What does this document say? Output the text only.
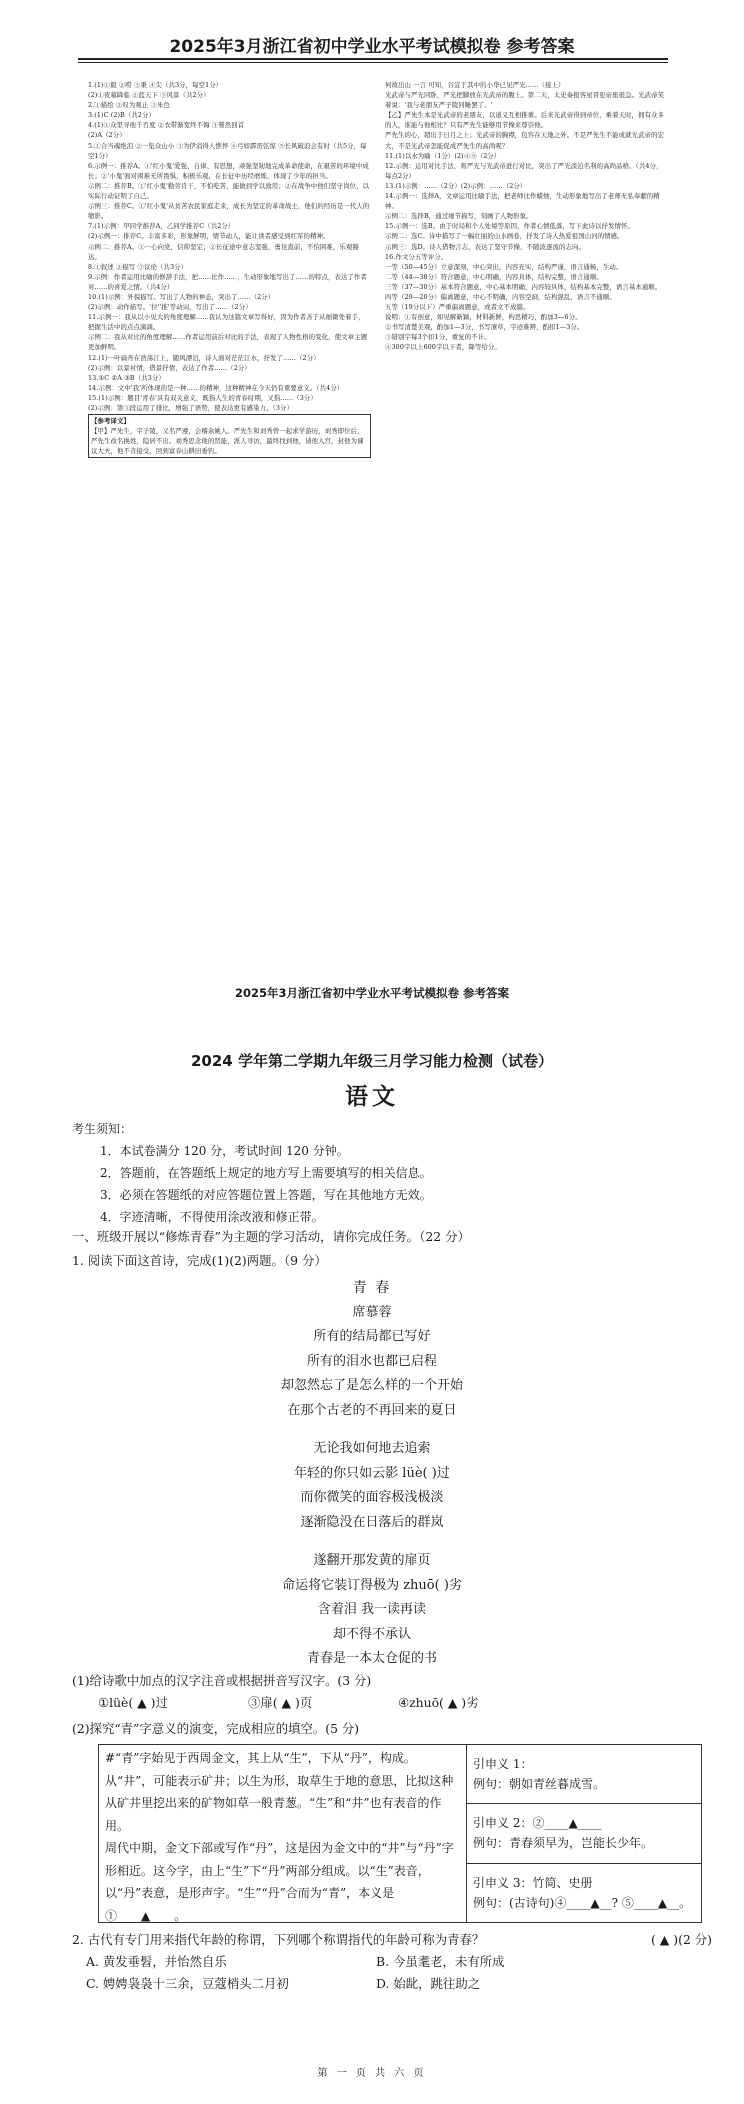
2025年3月浙江省初中学业水平考试模拟卷 参考答案

1.(1)①毅 ②唠 ③秉 ④尖（共3分，每空1分）

(2)①夜幕降临 ②蓝天下 ③风景（共2分）

2.①描绘 ②叹为观止 ③朱色

3.(1)C (2)B（共2分）

4.(1)①众里寻他千百度 ②衣带渐宽终不悔 ③蓦然回首

(2)A（2分）

5.①合当魂绝泪 ②一览众山小 ③为伊消得人憔悴 ④弓如霹雳弦惊 ⑤长风破浪会有时（共5分，每空1分）

6.示例一：推荐A。①'红小鬼'爱强、自律、有思想，顽强坚韧地完成革命使命，在艰苦的环境中成长；②'小鬼'面对困难无所畏惧，积极乐观，在长征中历经磨炼，体现了少年的担当。

示例二：推荐B。①'红小鬼'勤劳肯干，不怕吃苦，能做到学以致用；②在战争中他们坚守岗位，以实际行动证明了自己。

示例三：推荐C。①'红小鬼'从贫苦农民家庭走来，成长为坚定的革命战士，他们的经历是一代人的缩影。

7.(1)示例：甲同学推荐A，乙同学推荐C（共2分）

(2)示例一：推荐C。丰富多彩，形象鲜明，情节动人，能让读者感受到红军的精神。

示例二：推荐A。①一心向党，信仰坚定；②长征途中意志坚强，勇往直前，不怕困难，乐观豁达。

8.①叙述 ②描写 ③议论（共3分）

9.示例：作者运用比喻的修辞手法，把……比作……，生动形象地写出了……的特点，表达了作者对……的喜爱之情。（共4分）

10.(1)示例：外貌描写。写出了人物的神态，突出了……（2分）

(2)示例：动作描写。'拉''推'等动词，写出了……（2分）

11.示例一：我从以小见大的角度理解……我认为这篇文章写得好，因为作者善于从细微处着手，把握生活中的点点滴滴。

示例二：我从对比的角度理解……作者运用前后对比的手法，表现了人物性格的变化，使文章主题更加鲜明。

12.(1)一叶扁舟在浩荡江上，随风漂泊，诗人面对茫茫江水，抒发了……（2分）

(2)示例：以景衬情，借景抒情，表达了作者……（2分）

13.①C ②A ③B（共3分）

14.示例：文中'我'所体现的是一种……的精神，这种精神在今天仍有重要意义。（共4分）

15.(1)示例：题目'青春'具有双关意义，既指人生的青春时期，又指……（3分）

(2)示例：第③段运用了排比，增强了语势，使表达更有感染力。（3分）

【参考译文】

【甲】严先生，字子陵，又名严遵，会稽余姚人。严先生和刘秀曾一起求学游历，刘秀即位后，严先生改名换姓，隐居不出。刘秀思念他的贤能，派人寻访，最终找到他，请他入宫，封他为谏议大夫，他不肯接受，回到富春山耕田垂钓。

何故出山 一言 可知，谷宜于其中的小华已见严光……（接上）

光武帝与严光同卧，严光把脚放在光武帝的腹上。第二天，太史奏报客星冒犯帝座很急。光武帝笑着说：'我与老朋友严子陵同睡罢了。'

【乙】严先生本是光武帝的老朋友，以道义互相推重。后来光武帝得到帝位，乘着天时，拥有众多的人，谁能与他相比？只有严先生能够用节操来尊崇他。

严先生的心，超出于日月之上；光武帝的胸襟，包容在天地之外。不是严先生不能成就光武帝的宏大，不是光武帝怎能促成严先生的高尚呢？

11.(1)以水为喻（1分）(2)④⑤（2分）

12.示例：运用对比手法，将严光与光武帝进行对比，突出了严光淡泊名利的高尚品格。（共4分，每点2分）

13.(1)示例：……（2分）(2)示例：……（2分）

14.示例一：选择A，文章运用比喻手法，把老师比作蜡烛，生动形象地写出了老师无私奉献的精神。

示例二：选择B，通过细节描写，刻画了人物形象。

15.示例一：选B。由于时局和个人处境等原因，作者心情低落，写下此诗以抒发情怀。

示例二：选C。诗中描写了一幅壮丽的山水画卷，抒发了诗人热爱祖国山河的情感。

示例三：选D。诗人借物言志，表达了坚守节操、不随波逐流的志向。

16.作文分五等评分。

一等（50—45分）立意深刻，中心突出，内容充实，结构严谨，语言通畅，生动。

二等（44—38分）符合题意，中心明确，内容具体，结构完整，语言通顺。

三等（37—30分）基本符合题意，中心基本明确，内容较具体，结构基本完整，语言基本通顺。

四等（29—20分）偏离题意，中心不明确，内容空洞，结构混乱，语言不通顺。

五等（19分以下）严重偏离题意，或者文不成篇。

说明：①有创意，如见解新颖，材料新鲜，构思精巧，酌加3—6分。

②书写清楚美观，酌加1—3分，书写潦草，字迹难辨，酌扣1—3分。

③错别字每3个扣1分，重复的不计。

④300字以上600字以下者，降等给分。

2025年3月浙江省初中学业水平考试模拟卷 参考答案
2024 学年第二学期九年级三月学习能力检测（试卷）
语文

考生须知：

1．本试卷满分 120 分，考试时间 120 分钟。

2．答题前，在答题纸上规定的地方写上需要填写的相关信息。

3．必须在答题纸的对应答题位置上答题，写在其他地方无效。

4．字迹清晰，不得使用涂改液和修正带。

一、班级开展以“修炼青春”为主题的学习活动，请你完成任务。（22 分）
1. 阅读下面这首诗，完成(1)(2)两题。（9 分）

青 春

席慕蓉

所有的结局都已写好

所有的泪水也都已启程

却忽然忘了是怎么样的一个开始

在那个古老的不再回来的夏日

无论我如何地去追索

年轻的你只如云影 lüè( )过

而你微笑的面容极浅极淡

逐渐隐没在日落后的群岚

遂翻开那发黄的扉页

命运将它装订得极为 zhuō( )劣

含着泪 我一读再读

却不得不承认

青春是一本太仓促的书

(1)给诗歌中加点的汉字注音或根据拼音写汉字。(3 分)

①lüè( ▲ )过	③扉( ▲ )页	④zhuō( ▲ )劣
(2)探究“青”字意义的演变，完成相应的填空。(5 分)

#“青”字始见于西周金文，其上从“生”，下从“丹”，构成。从“井”，可能表示矿井；以生为形，取草生于地的意思，比拟这种从矿井里挖出来的矿物如草一般青葱。“生”和“井”也有表音的作用。

周代中期，金文下部或写作“丹”，这是因为金文中的“井”与“丹”字形相近。这今字，由上“生”下“丹”两部分组成。以“生”表音，以“丹”表意，是形声字。“生”“丹”合而为“青”，本义是 ①____▲____。

引申义 1：
例句：朝如青丝暮成雪。
引申义 2：②____▲____
例句：青春须早为，岂能长少年。
引申义 3：竹简、史册
例句：(古诗句)④____▲__? ⑤____▲__。

2. 古代有专门用来指代年龄的称谓，下列哪个称谓指代的年龄可称为青春？	( ▲ )(2 分)

A. 黄发垂髫，并怡然自乐	B. 今虽耄老，未有所成
C. 娉娉袅袅十三余，豆蔻梢头二月初	D. 始龀，跳往助之
第 一 页 共 六 页
